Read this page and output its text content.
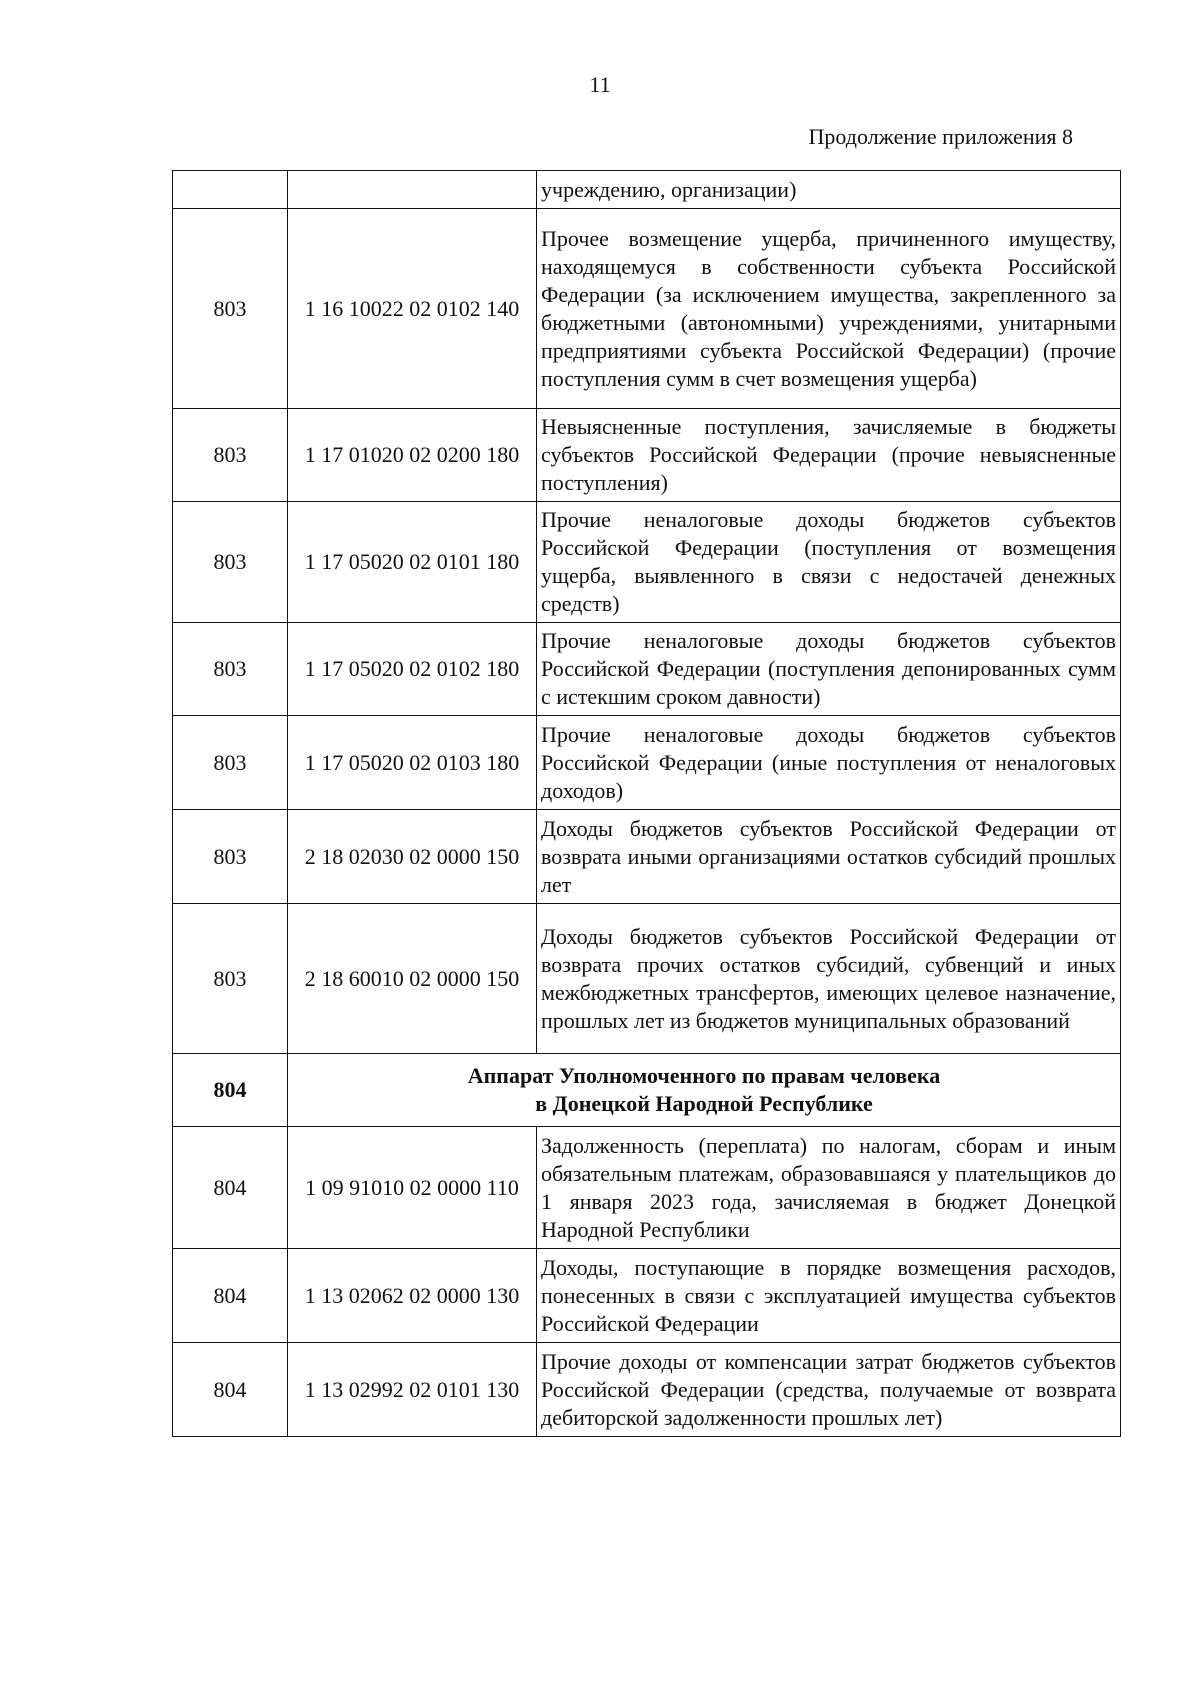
11
Продолжение приложения 8
		учреждению, организации)
803	1 16 10022 02 0102 140	Прочее возмещение ущерба, причиненного имуществу, находящемуся в собственности субъекта Российской Федерации (за исключением имущества, закрепленного за бюджетными (автономными) учреждениями, унитарными предприятиями субъекта Российской Федерации) (прочие поступления сумм в счет возмещения ущерба)
803	1 17 01020 02 0200 180	Невыясненные поступления, зачисляемые в бюджеты субъектов Российской Федерации (прочие невыясненные поступления)
803	1 17 05020 02 0101 180	Прочие неналоговые доходы бюджетов субъектов Российской Федерации (поступления от возмещения ущерба, выявленного в связи с недостачей денежных средств)
803	1 17 05020 02 0102 180	Прочие неналоговые доходы бюджетов субъектов Российской Федерации (поступления депонированных сумм с истекшим сроком давности)
803	1 17 05020 02 0103 180	Прочие неналоговые доходы бюджетов субъектов Российской Федерации (иные поступления от неналоговых доходов)
803	2 18 02030 02 0000 150	Доходы бюджетов субъектов Российской Федерации от возврата иными организациями остатков субсидий прошлых лет
803	2 18 60010 02 0000 150	Доходы бюджетов субъектов Российской Федерации от возврата прочих остатков субсидий, субвенций и иных межбюджетных трансфертов, имеющих целевое назначение, прошлых лет из бюджетов муниципальных образований
804	Аппарат Уполномоченного по правам человека
в Донецкой Народной Республике	
804	1 09 91010 02 0000 110	Задолженность (переплата) по налогам, сборам и иным обязательным платежам, образовавшаяся у плательщиков до 1 января 2023 года, зачисляемая в бюджет Донецкой Народной Республики
804	1 13 02062 02 0000 130	Доходы, поступающие в порядке возмещения расходов, понесенных в связи с эксплуатацией имущества субъектов Российской Федерации
804	1 13 02992 02 0101 130	Прочие доходы от компенсации затрат бюджетов субъектов Российской Федерации (средства, получаемые от возврата дебиторской задолженности прошлых лет)
